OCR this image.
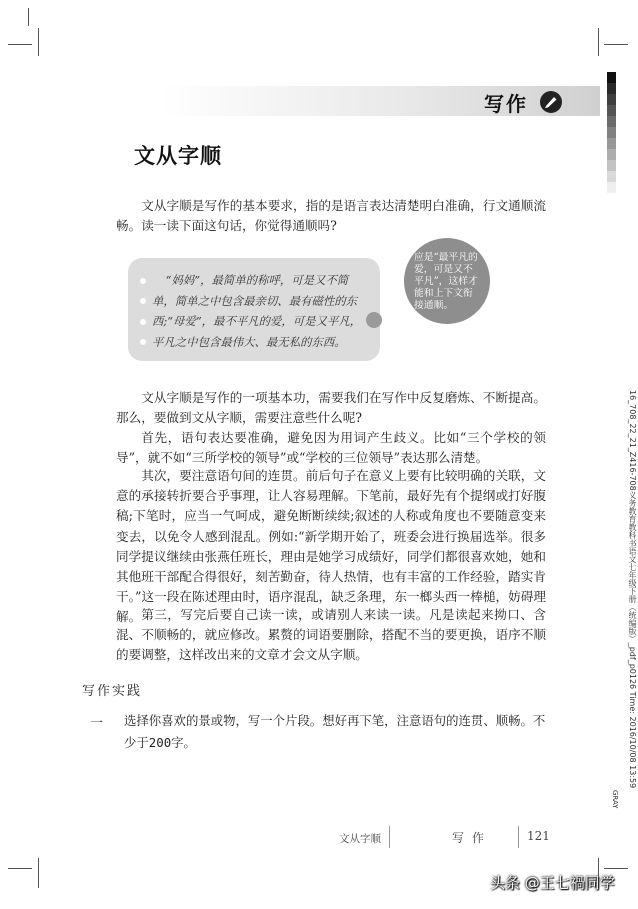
写作
文从字顺

文从字顺是写作的基本要求，指的是语言表达清楚明白准确，行文通顺流畅。读一读下面这句话，你觉得通顺吗?

“妈妈”，最简单的称呼，可是又不简
单，简单之中包含最亲切、最有磁性的东
西;“母爱”，最不平凡的爱，可是又平凡，
平凡之中包含最伟大、最无私的东西。

应是“最平凡的爱，可是又不平凡”，这样才能和上下文衔接通顺。

文从字顺是写作的一项基本功，需要我们在写作中反复磨炼、不断提高。那么，要做到文从字顺，需要注意些什么呢?

首先，语句表达要准确，避免因为用词产生歧义。比如“三个学校的领导”，就不如“三所学校的领导”或“学校的三位领导”表达那么清楚。

其次，要注意语句间的连贯。前后句子在意义上要有比较明确的关联，文意的承接转折要合乎事理，让人容易理解。下笔前，最好先有个提纲或打好腹稿;下笔时，应当一气呵成，避免断断续续;叙述的人称或角度也不要随意变来变去，以免令人感到混乱。例如:“新学期开始了，班委会进行换届选举。很多同学提议继续由张燕任班长，理由是她学习成绩好，同学们都很喜欢她，她和其他班干部配合得很好，刻苦勤奋，待人热情，也有丰富的工作经验，踏实肯干。”这一段在陈述理由时，语序混乱，缺乏条理，东一榔头西一棒槌，妨碍理解。 第三，写完后要自己读一读，或请别人来读一读。凡是读起来拗口、含混、不顺畅的，就应修改。累赘的词语要删除，搭配不当的要更换，语序不顺的要调整，这样改出来的文章才会文从字顺。

写作实践
一 选择你喜欢的景或物，写一个片段。想好再下笔，注意语句的连贯、顺畅。不少于200字。

文从字顺	写作	121
16_708_22_21_Z416-708义务教育教科书语文七年级下册（统编版）_pdf_p0126 Time: 2016/10/08 13:59
GRAY
头条 @王七禍同学
